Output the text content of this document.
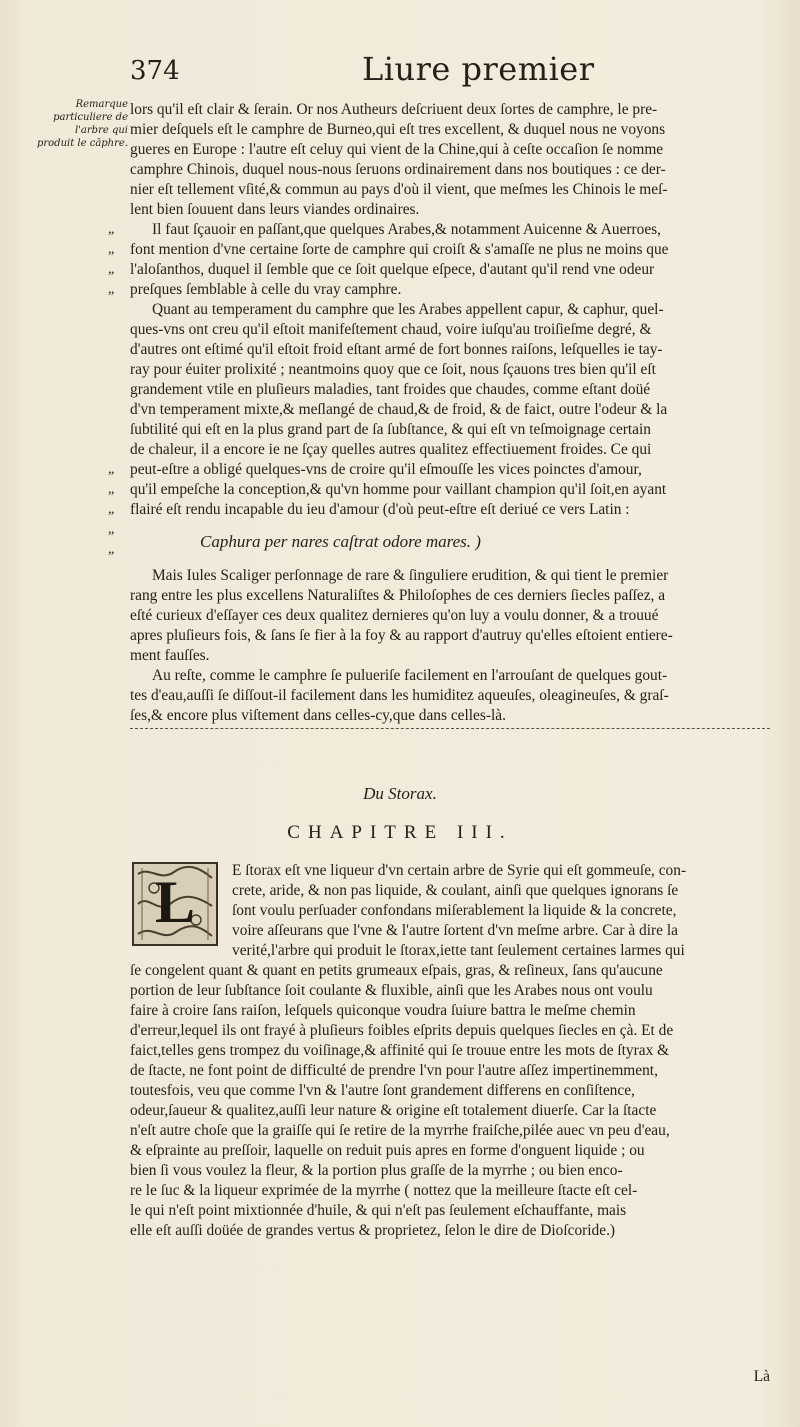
374	Liure premier
Remarque particuliere de l'arbre qui produit le cāphre.
lors qu'il eſt clair & ſerain. Or nos Autheurs deſcriuent deux ſortes de camphre, le pre-
mier deſquels eſt le camphre de Burneo,qui eſt tres excellent, & duquel nous ne voyons
gueres en Europe : l'autre eſt celuy qui vient de la Chine,qui à ceſte occaſion ſe nomme
camphre Chinois, duquel nous-nous ſeruons ordinairement dans nos boutiques : ce der-
nier eſt tellement vſité,& commun au pays d'où il vient, que meſmes les Chinois le meſ-
lent bien ſouuent dans leurs viandes ordinaires.
„
„
„
„
Il faut ſçauoir en paſſant,que quelques Arabes,& notamment Auicenne & Auerroes,
font mention d'vne certaine ſorte de camphre qui croiſt & s'amaſſe ne plus ne moins que
l'aloſanthos, duquel il ſemble que ce ſoit quelque eſpece, d'autant qu'il rend vne odeur
preſques ſemblable à celle du vray camphre.
Quant au temperament du camphre que les Arabes appellent capur, & caphur, quel-
ques-vns ont creu qu'il eſtoit manifeſtement chaud, voire iuſqu'au troiſieſme degré, &
d'autres ont eſtimé qu'il eſtoit froid eſtant armé de fort bonnes raiſons, leſquelles ie tay-
ray pour éuiter prolixité ; neantmoins quoy que ce ſoit, nous ſçauons tres bien qu'il eſt
grandement vtile en pluſieurs maladies, tant froides que chaudes, comme eſtant doüé
d'vn temperament mixte,& meſlangé de chaud,& de froid, & de faict, outre l'odeur & la
ſubtilité qui eſt en la plus grand part de ſa ſubſtance, & qui eſt vn teſmoignage certain
de chaleur, il a encore ie ne ſçay quelles autres qualitez effectiuement froides. Ce qui
peut-eſtre a obligé quelques-vns de croire qu'il eſmouſſe les vices poinctes d'amour,
qu'il empeſche la conception,& qu'vn homme pour vaillant champion qu'il ſoit,en ayant
flairé eſt rendu incapable du ieu d'amour (d'où peut-eſtre eſt deriué ce vers Latin :
„
„
„
„
„	Caphura per nares caſtrat odore mares. )
Mais Iules Scaliger perſonnage de rare & ſinguliere erudition, & qui tient le premier
rang entre les plus excellens Naturaliſtes & Philoſophes de ces derniers ſiecles paſſez, a
eſté curieux d'eſſayer ces deux qualitez dernieres qu'on luy a voulu donner, & a trouué
apres pluſieurs fois, & ſans ſe fier à la foy & au rapport d'autruy qu'elles eſtoient entiere-
ment fauſſes.
Au reſte, comme le camphre ſe pulueriſe facilement en l'arrouſant de quelques gout-
tes d'eau,auſſi ſe diſſout-il facilement dans les humiditez aqueuſes, oleagineuſes, & graſ-
ſes,& encore plus viſtement dans celles-cy,que dans celles-là.
Du Storax.
CHAPITRE III.
L	E ſtorax eſt vne liqueur d'vn certain arbre de Syrie qui eſt gommeuſe, con-
crete, aride, & non pas liquide, & coulant, ainſi que quelques ignorans ſe
ſont voulu perſuader confondans miſerablement la liquide & la concrete,
voire aſſeurans que l'vne & l'autre ſortent d'vn meſme arbre. Car à dire la
verité,l'arbre qui produit le ſtorax,iette tant ſeulement certaines larmes qui
ſe congelent quant & quant en petits grumeaux eſpais, gras, & reſineux, ſans qu'aucune
portion de leur ſubſtance ſoit coulante & fluxible, ainſi que les Arabes nous ont voulu
faire à croire ſans raiſon, leſquels quiconque voudra ſuiure battra le meſme chemin
d'erreur,lequel ils ont frayé à pluſieurs foibles eſprits depuis quelques ſiecles en çà. Et de
faict,telles gens trompez du voiſinage,& affinité qui ſe trouue entre les mots de ſtyrax &
de ſtacte, ne font point de difficulté de prendre l'vn pour l'autre aſſez impertinemment,
toutesfois, veu que comme l'vn & l'autre ſont grandement differens en conſiſtence,
odeur,ſaueur & qualitez,auſſi leur nature & origine eſt totalement diuerſe. Car la ſtacte
n'eſt autre choſe que la graiſſe qui ſe retire de la myrrhe fraiſche,pilée auec vn peu d'eau,
& eſprainte au preſſoir, laquelle on reduit puis apres en forme d'onguent liquide ; ou
bien ſi vous voulez la fleur, & la portion plus graſſe de la myrrhe ; ou bien enco-
re le ſuc & la liqueur exprimée de la myrrhe ( nottez que la meilleure ſtacte eſt cel-
le qui n'eſt point mixtionnée d'huile, & qui n'eſt pas ſeulement eſchauffante, mais
elle eſt auſſi doüée de grandes vertus & proprietez, ſelon le dire de Dioſcoride.)
Là
